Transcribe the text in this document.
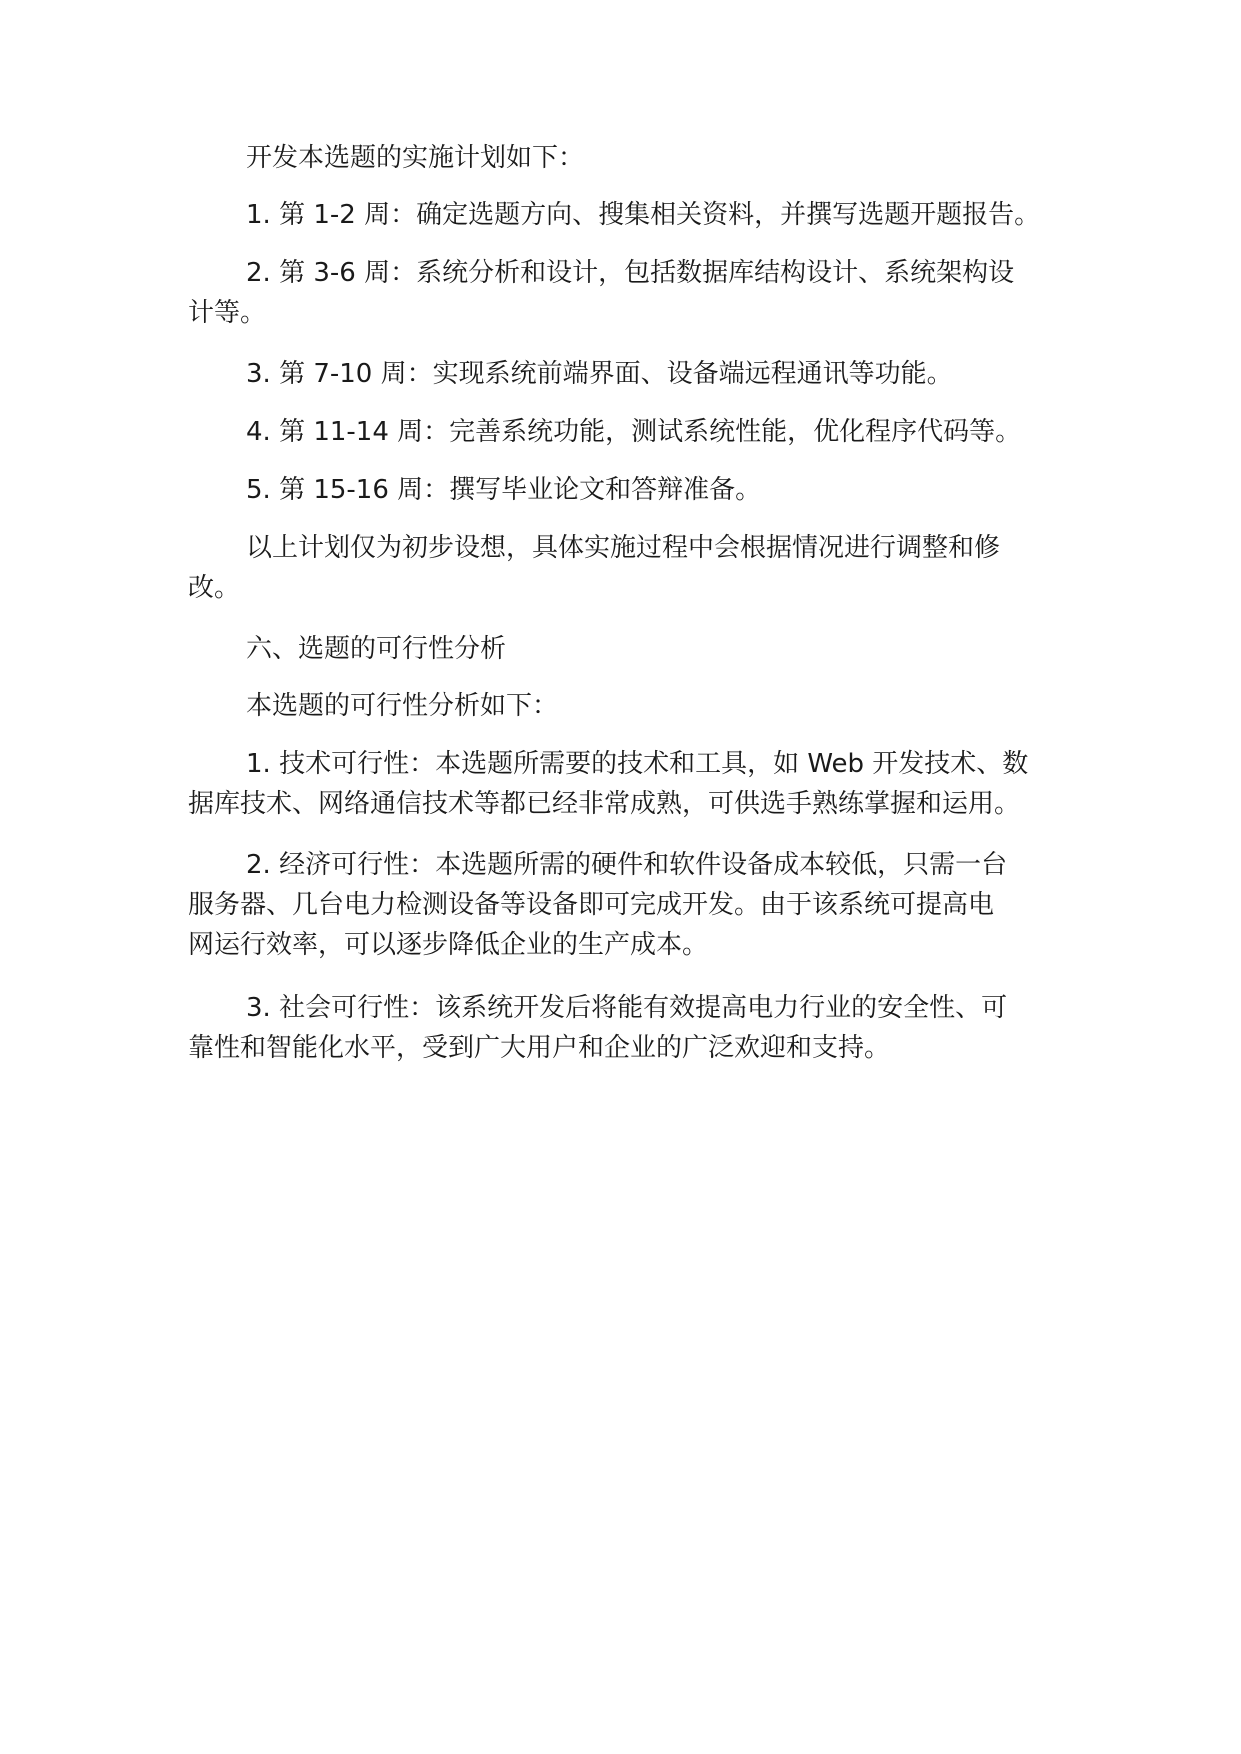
开发本选题的实施计划如下：

1. 第 1-2 周：确定选题方向、搜集相关资料，并撰写选题开题报告。

2. 第 3-6 周：系统分析和设计，包括数据库结构设计、系统架构设
计等。

3. 第 7-10 周：实现系统前端界面、设备端远程通讯等功能。

4. 第 11-14 周：完善系统功能，测试系统性能，优化程序代码等。

5. 第 15-16 周：撰写毕业论文和答辩准备。

以上计划仅为初步设想，具体实施过程中会根据情况进行调整和修
改。

六、选题的可行性分析

本选题的可行性分析如下：

1. 技术可行性：本选题所需要的技术和工具，如 Web 开发技术、数
据库技术、网络通信技术等都已经非常成熟，可供选手熟练掌握和运用。

2. 经济可行性：本选题所需的硬件和软件设备成本较低，只需一台
服务器、几台电力检测设备等设备即可完成开发。由于该系统可提高电
网运行效率，可以逐步降低企业的生产成本。

3. 社会可行性：该系统开发后将能有效提高电力行业的安全性、可
靠性和智能化水平，受到广大用户和企业的广泛欢迎和支持。
